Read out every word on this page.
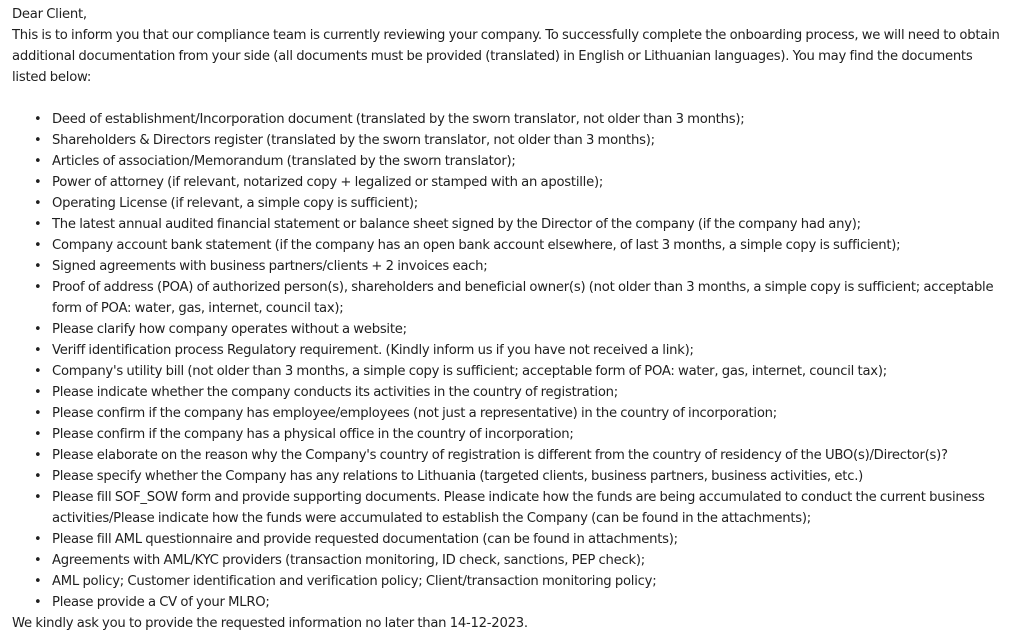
Dear Client,

This is to inform you that our compliance team is currently reviewing your company. To successfully complete the onboarding process, we will need to obtain additional documentation from your side (all documents must be provided (translated) in English or Lithuanian languages). You may find the documents listed below:

• Deed of establishment/Incorporation document (translated by the sworn translator, not older than 3 months);
• Shareholders & Directors register (translated by the sworn translator, not older than 3 months);
• Articles of association/Memorandum (translated by the sworn translator);
• Power of attorney (if relevant, notarized copy + legalized or stamped with an apostille);
• Operating License (if relevant, a simple copy is sufficient);
• The latest annual audited financial statement or balance sheet signed by the Director of the company (if the company had any);
• Company account bank statement (if the company has an open bank account elsewhere, of last 3 months, a simple copy is sufficient);
• Signed agreements with business partners/clients + 2 invoices each;
• Proof of address (POA) of authorized person(s), shareholders and beneficial owner(s) (not older than 3 months, a simple copy is sufficient; acceptable form of POA: water, gas, internet, council tax);
• Please clarify how company operates without a website;
• Veriff identification process Regulatory requirement. (Kindly inform us if you have not received a link);
• Company's utility bill (not older than 3 months, a simple copy is sufficient; acceptable form of POA: water, gas, internet, council tax);
• Please indicate whether the company conducts its activities in the country of registration;
• Please confirm if the company has employee/employees (not just a representative) in the country of incorporation;
• Please confirm if the company has a physical office in the country of incorporation;
• Please elaborate on the reason why the Company's country of registration is different from the country of residency of the UBO(s)/Director(s)?
• Please specify whether the Company has any relations to Lithuania (targeted clients, business partners, business activities, etc.)
• Please fill SOF_SOW form and provide supporting documents. Please indicate how the funds are being accumulated to conduct the current business activities/Please indicate how the funds were accumulated to establish the Company (can be found in the attachments);
• Please fill AML questionnaire and provide requested documentation (can be found in attachments);
• Agreements with AML/KYC providers (transaction monitoring, ID check, sanctions, PEP check);
• AML policy; Customer identification and verification policy; Client/transaction monitoring policy;
• Please provide a CV of your MLRO;

We kindly ask you to provide the requested information no later than 14-12-2023.
